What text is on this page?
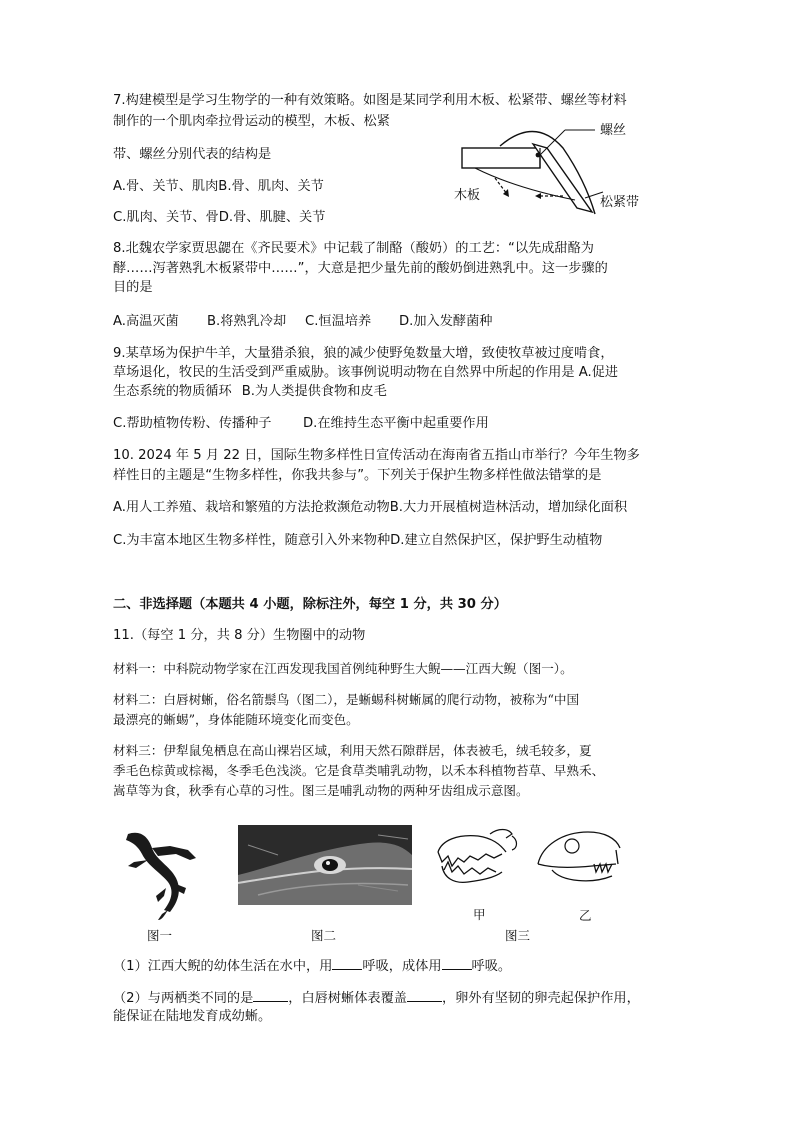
7.构建模型是学习生物学的一种有效策略。如图是某同学利用木板、松紧带、螺丝等材料
制作的一个肌肉牵拉骨运动的模型，木板、松紧
带、螺丝分别代表的结构是
A.骨、关节、肌肉B.骨、肌肉、关节
C.肌肉、关节、骨D.骨、肌腱、关节
螺丝
木板	松紧带
8.北魏农学家贾思勰在《齐民要术》中记载了制酪（酸奶）的工艺：“以先成甜酪为
酵……泻著熟乳木板紧带中……”，大意是把少量先前的酸奶倒进熟乳中。这一步骤的
目的是
A.高温灭菌 B.将熟乳冷却 C.恒温培养 D.加入发酵菌种
9.某草场为保护牛羊，大量猎杀狼，狼的减少使野兔数量大增，致使牧草被过度啃食，
草场退化，牧民的生活受到严重威胁。该事例说明动物在自然界中所起的作用是 A.促进
生态系统的物质循环 B.为人类提供食物和皮毛
C.帮助植物传粉、传播种子 D.在维持生态平衡中起重要作用
10. 2024 年 5 月 22 日，国际生物多样性日宣传活动在海南省五指山市举行？今年生物多
样性日的主题是“生物多样性，你我共参与”。下列关于保护生物多样性做法错掌的是
A.用人工养殖、栽培和繁殖的方法抢救濒危动物B.大力开展植树造林活动，增加绿化面积
C.为丰富本地区生物多样性，随意引入外来物种D.建立自然保护区，保护野生动植物
二、非选择题（本题共 4 小题，除标注外，每空 1 分，共 30 分）
11.（每空 1 分，共 8 分）生物圈中的动物
材料一：中科院动物学家在江西发现我国首例纯种野生大鲵——江西大鲵（图一）。
材料二：白唇树蜥，俗名箭鬃鸟（图二），是蜥蜴科树蜥属的爬行动物，被称为“中国
最漂亮的蜥蜴”，身体能随环境变化而变色。
材料三：伊犁鼠兔栖息在高山裸岩区域，利用天然石隙群居，体表被毛，绒毛较多，夏
季毛色棕黄或棕褐，冬季毛色浅淡。它是食草类哺乳动物，以禾本科植物苔草、早熟禾、
嵩草等为食，秋季有心草的习性。图三是哺乳动物的两种牙齿组成示意图。
图一	图二
甲	乙
图三
（1）江西大鲵的幼体生活在水中，用 呼吸，成体用 呼吸。
（2）与两栖类不同的是	，白唇树蜥体表覆盖	，卵外有坚韧的卵壳起保护作用，
能保证在陆地发育成幼蜥。
